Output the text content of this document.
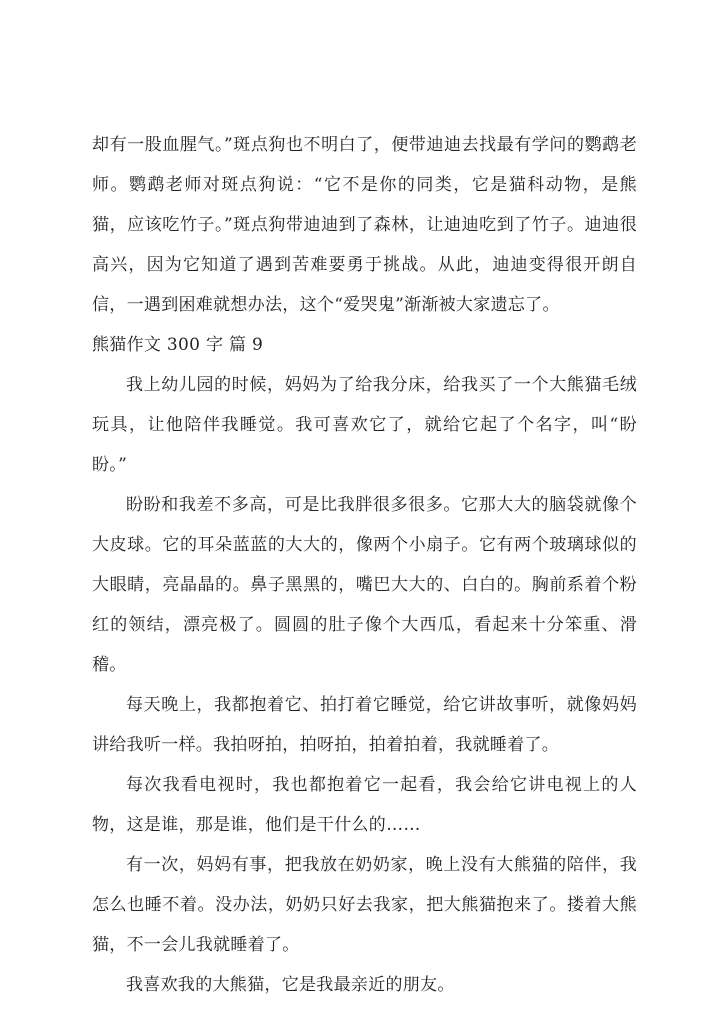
却有一股血腥气。”斑点狗也不明白了，便带迪迪去找最有学问的鹦鹉老师。鹦鹉老师对斑点狗说：“它不是你的同类，它是猫科动物，是熊猫，应该吃竹子。”斑点狗带迪迪到了森林，让迪迪吃到了竹子。迪迪很高兴，因为它知道了遇到苦难要勇于挑战。从此，迪迪变得很开朗自信，一遇到困难就想办法，这个“爱哭鬼”渐渐被大家遗忘了。

熊猫作文 300 字 篇 9

我上幼儿园的时候，妈妈为了给我分床，给我买了一个大熊猫毛绒玩具，让他陪伴我睡觉。我可喜欢它了，就给它起了个名字，叫“盼盼。”

盼盼和我差不多高，可是比我胖很多很多。它那大大的脑袋就像个大皮球。它的耳朵蓝蓝的大大的，像两个小扇子。它有两个玻璃球似的大眼睛，亮晶晶的。鼻子黑黑的，嘴巴大大的、白白的。胸前系着个粉红的领结，漂亮极了。圆圆的肚子像个大西瓜，看起来十分笨重、滑稽。

每天晚上，我都抱着它、拍打着它睡觉，给它讲故事听，就像妈妈讲给我听一样。我拍呀拍，拍呀拍，拍着拍着，我就睡着了。

每次我看电视时，我也都抱着它一起看，我会给它讲电视上的人物，这是谁，那是谁，他们是干什么的……

有一次，妈妈有事，把我放在奶奶家，晚上没有大熊猫的陪伴，我怎么也睡不着。没办法，奶奶只好去我家，把大熊猫抱来了。搂着大熊猫，不一会儿我就睡着了。

我喜欢我的大熊猫，它是我最亲近的朋友。
